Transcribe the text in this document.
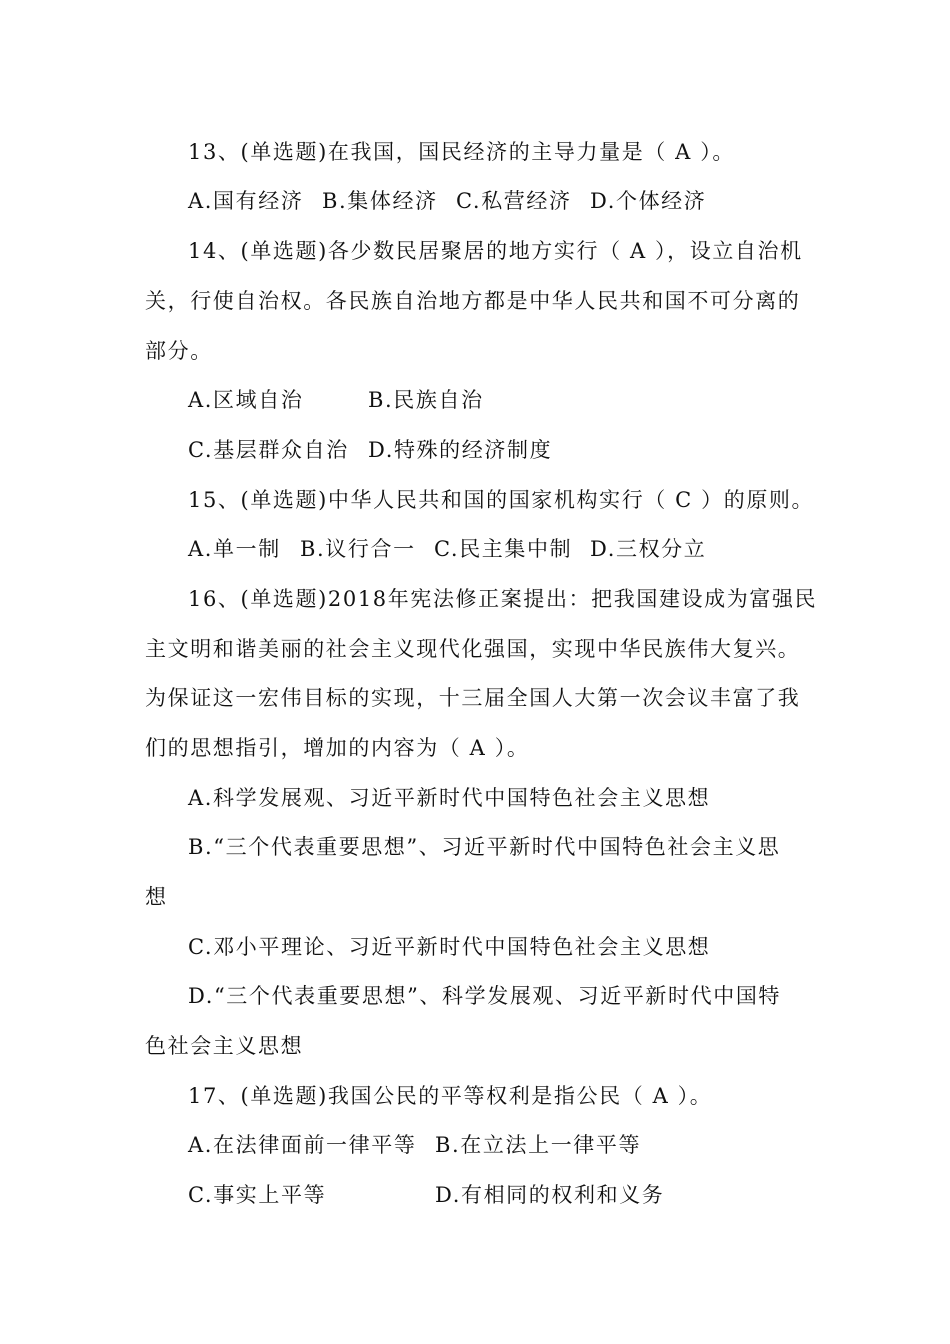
13、(单选题)在我国，国民经济的主导力量是（ A ）。
A.国有经济 B.集体经济 C.私营经济 D.个体经济
14、(单选题)各少数民居聚居的地方实行（ A ），设立自治机
关，行使自治权。各民族自治地方都是中华人民共和国不可分离的
部分。
A.区域自治	B.民族自治
C.基层群众自治 D.特殊的经济制度
15、(单选题)中华人民共和国的国家机构实行（ C ）的原则。
A.单一制 B.议行合一 C.民主集中制 D.三权分立
16、(单选题)2018年宪法修正案提出：把我国建设成为富强民
主文明和谐美丽的社会主义现代化强国，实现中华民族伟大复兴。
为保证这一宏伟目标的实现，十三届全国人大第一次会议丰富了我
们的思想指引，增加的内容为（ A ）。
A.科学发展观、习近平新时代中国特色社会主义思想
B.“三个代表重要思想”、习近平新时代中国特色社会主义思
想
C.邓小平理论、习近平新时代中国特色社会主义思想
D.“三个代表重要思想”、科学发展观、习近平新时代中国特
色社会主义思想
17、(单选题)我国公民的平等权利是指公民（ A ）。
A.在法律面前一律平等 B.在立法上一律平等
C.事实上平等	D.有相同的权利和义务
